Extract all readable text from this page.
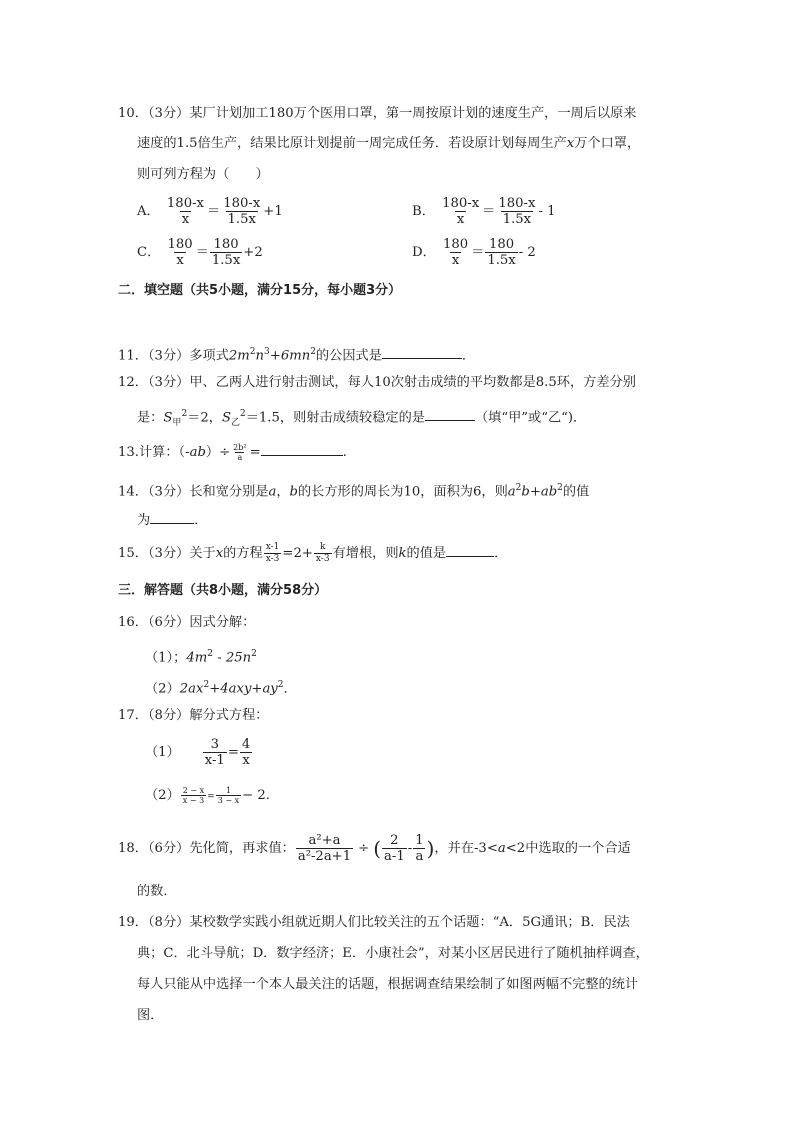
10．（3分）某厂计划加工180万个医用口罩，第一周按原计划的速度生产，一周后以原来
速度的1.5倍生产，结果比原计划提前一周完成任务．若设原计划每周生产x万个口罩，
则可列方程为（　　）
A． $\frac{180-x}{x} = \frac{180-x}{1.5x} +1$	B． $\frac{180-x}{x} = \frac{180-x}{1.5x} - 1$
C． $\frac{180}{x} = \frac{180}{1.5x} +2$	D． $\frac{180}{x} = \frac{180}{1.5x} - 2$
二．填空题（共5小题，满分15分，每小题3分）
11．（3分）多项式$2m^2n^3+6mn^2$的公因式是	．
12．（3分）甲、乙两人进行射击测试，每人10次射击成绩的平均数都是8.5环，方差分别
是：$S_甲^2=2$，$S_乙^2=1.5$，则射击成绩较稳定的是	（填“甲”或“乙“)．
13.计算：$(-ab)\div \frac{\text{2b²}}{a}$ =	.
14．（3分）长和宽分别是a，b的长方形的周长为10，面积为6，则$a^2b+ab^2$的值
为	．
15．（3分）关于x的方程 $\frac{x-1}{x-3} =2+ \frac{k}{x-3}$ 有增根，则k的值是	．
三．解答题（共8小题，满分58分）
16．（6分）因式分解：
（1）；$4m^2 - 25n^2$
$(2)2ax^2+4axy+ay^2$．
17．（8分）解分式方程：
$(1) \frac{3}{x-1} = \frac{4}{x}$
$(2) \frac{2 - x}{x - 3} = \frac{1}{3 - x} - 2$.
18．（6分）先化简，再求值： $\frac{\text{a²+a}}{\text{a²-2a+1}}$ ÷ ( $\frac{2}{a-1} - \frac{1}{a}$ )，并在-3<a<2中选取的一个合适
的数．
19．（8分）某校数学实践小组就近期人们比较关注的五个话题：“A．5G通讯；B．民法
典；C．北斗导航；D．数字经济；E．小康社会”，对某小区居民进行了随机抽样调查，
每人只能从中选择一个本人最关注的话题，根据调查结果绘制了如图两幅不完整的统计
图．
